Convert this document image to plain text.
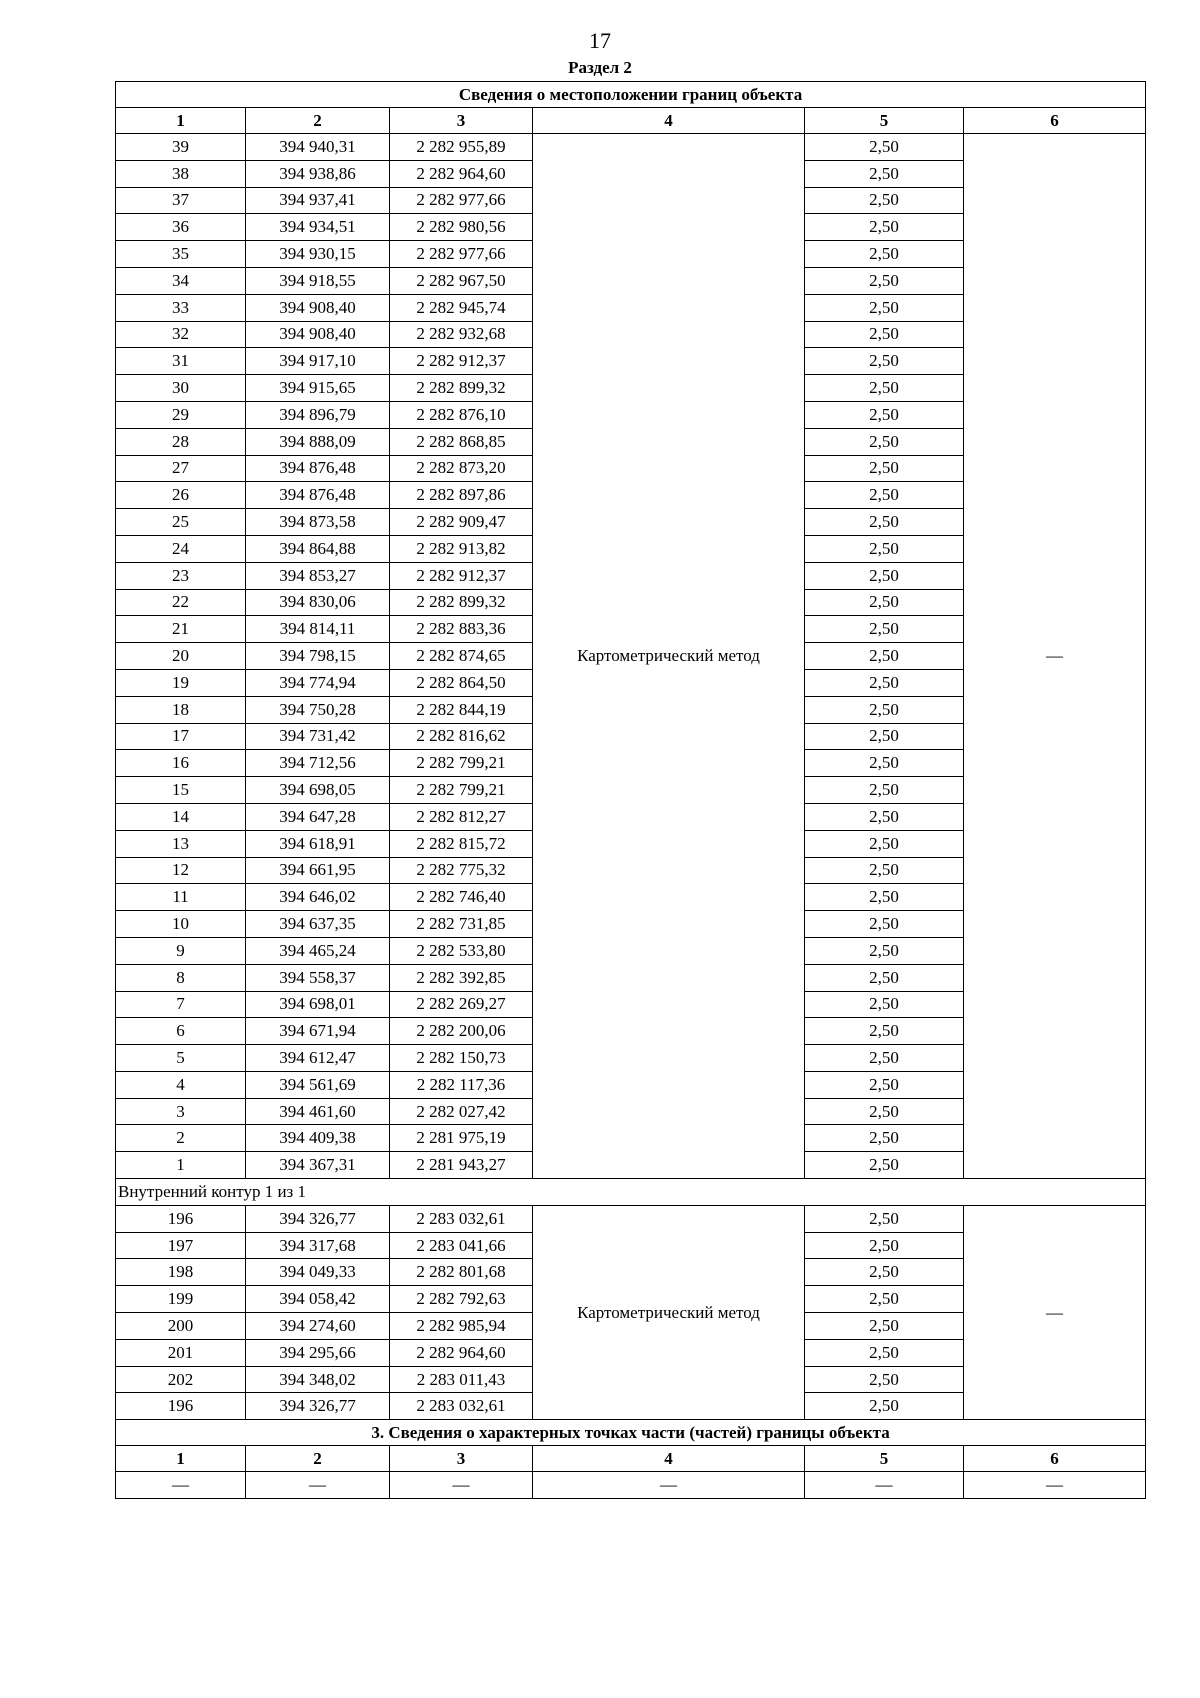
17
Раздел 2
Сведения о местоположении границ объекта					
1	2	3	4	5	6
39	394 940,31	2 282 955,89	Картометрический метод	2,50	—
38	394 938,86	2 282 964,60		2,50	
37	394 937,41	2 282 977,66		2,50	
36	394 934,51	2 282 980,56		2,50	
35	394 930,15	2 282 977,66		2,50	
34	394 918,55	2 282 967,50		2,50	
33	394 908,40	2 282 945,74		2,50	
32	394 908,40	2 282 932,68		2,50	
31	394 917,10	2 282 912,37		2,50	
30	394 915,65	2 282 899,32		2,50	
29	394 896,79	2 282 876,10		2,50	
28	394 888,09	2 282 868,85		2,50	
27	394 876,48	2 282 873,20		2,50	
26	394 876,48	2 282 897,86		2,50	
25	394 873,58	2 282 909,47		2,50	
24	394 864,88	2 282 913,82		2,50	
23	394 853,27	2 282 912,37		2,50	
22	394 830,06	2 282 899,32		2,50	
21	394 814,11	2 282 883,36		2,50	
20	394 798,15	2 282 874,65		2,50	
19	394 774,94	2 282 864,50		2,50	
18	394 750,28	2 282 844,19		2,50	
17	394 731,42	2 282 816,62		2,50	
16	394 712,56	2 282 799,21		2,50	
15	394 698,05	2 282 799,21		2,50	
14	394 647,28	2 282 812,27		2,50	
13	394 618,91	2 282 815,72		2,50	
12	394 661,95	2 282 775,32		2,50	
11	394 646,02	2 282 746,40		2,50	
10	394 637,35	2 282 731,85		2,50	
9	394 465,24	2 282 533,80		2,50	
8	394 558,37	2 282 392,85		2,50	
7	394 698,01	2 282 269,27		2,50	
6	394 671,94	2 282 200,06		2,50	
5	394 612,47	2 282 150,73		2,50	
4	394 561,69	2 282 117,36		2,50	
3	394 461,60	2 282 027,42		2,50	
2	394 409,38	2 281 975,19		2,50	
1	394 367,31	2 281 943,27		2,50	
Внутренний контур 1 из 1					
196	394 326,77	2 283 032,61	Картометрический метод	2,50	—
197	394 317,68	2 283 041,66		2,50	
198	394 049,33	2 282 801,68		2,50	
199	394 058,42	2 282 792,63		2,50	
200	394 274,60	2 282 985,94		2,50	
201	394 295,66	2 282 964,60		2,50	
202	394 348,02	2 283 011,43		2,50	
196	394 326,77	2 283 032,61		2,50	
3. Сведения о характерных точках части (частей) границы объекта					
1	2	3	4	5	6
—	—	—	—	—	—
